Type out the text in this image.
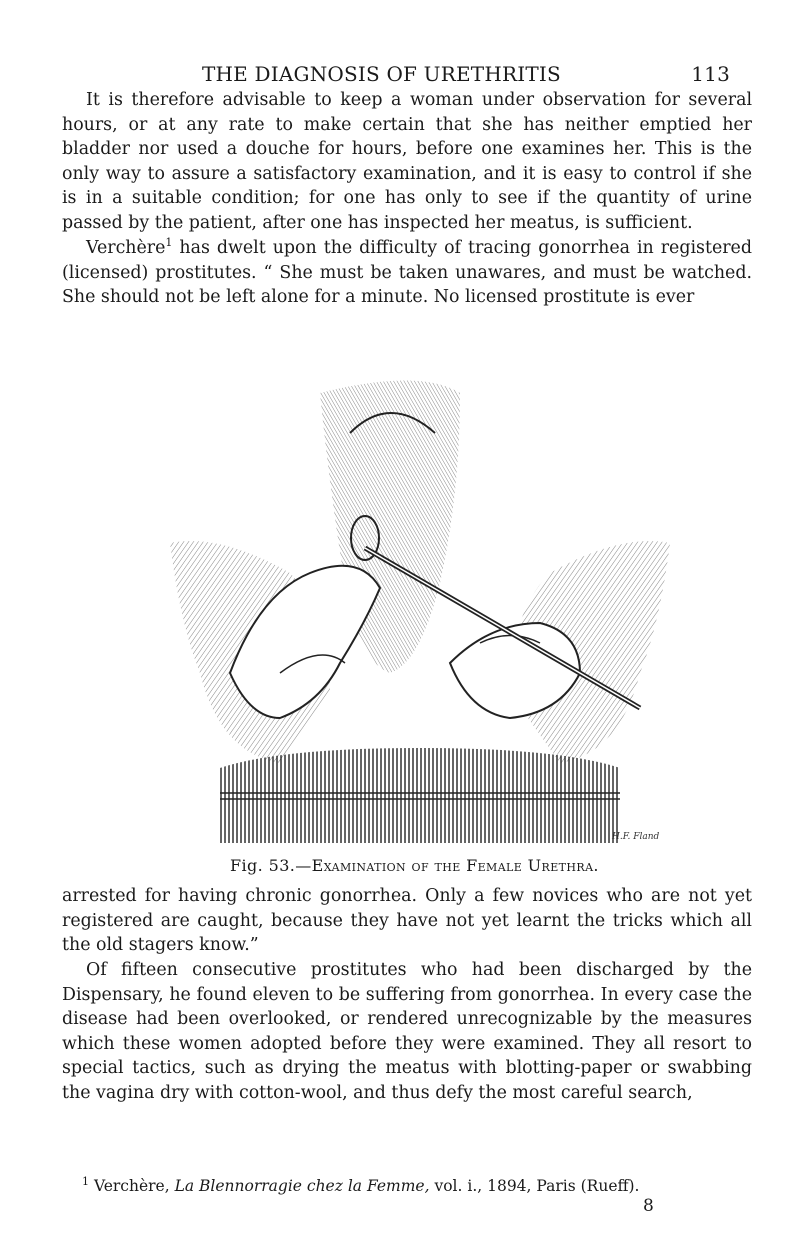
THE DIAGNOSIS OF URETHRITIS	113

It is therefore advisable to keep a woman under observation for several hours, or at any rate to make certain that she has neither emptied her bladder nor used a douche for hours, before one examines her. This is the only way to assure a satisfactory examination, and it is easy to control if she is in a suitable condition; for one has only to see if the quantity of urine passed by the patient, after one has inspected her meatus, is sufficient.

Verchère$^1$ has dwelt upon the difficulty of tracing gonorrhea in registered (licensed) prostitutes. “ She must be taken unawares, and must be watched. She should not be left alone for a minute. No licensed prostitute is ever

H.F. Fland
Fig. 53.—Examination of the Female Urethra.

arrested for having chronic gonorrhea. Only a few novices who are not yet registered are caught, because they have not yet learnt the tricks which all the old stagers know.”

Of fifteen consecutive prostitutes who had been discharged by the Dispensary, he found eleven to be suffering from gonorrhea. In every case the disease had been overlooked, or rendered unrecognizable by the measures which these women adopted before they were examined. They all resort to special tactics, such as drying the meatus with blotting-paper or swabbing the vagina dry with cotton-wool, and thus defy the most careful search,

$^1$ Verchère, La Blennorragie chez la Femme, vol. i., 1894, Paris (Rueff).
8
